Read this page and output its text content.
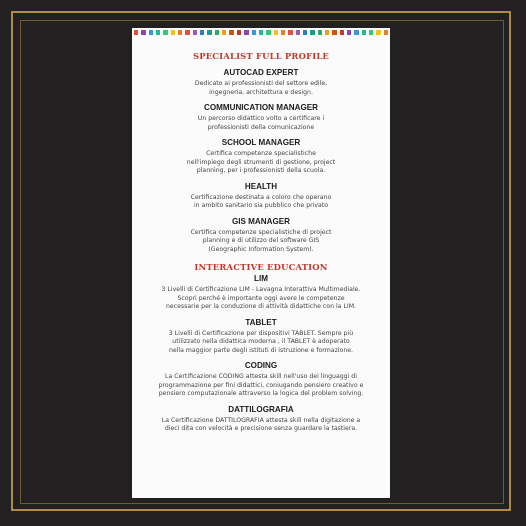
SPECIALIST FULL PROFILE
AUTOCAD EXPERT
Dedicato ai professionisti del settore edile,
ingegneria, architettura e design.
COMMUNICATION MANAGER
Un percorso didattico volto a certificare i
professionisti della comunicazione
SCHOOL MANAGER
Certifica competenze specialistiche
nell'impiego degli strumenti di gestione, project
planning, per i professionisti della scuola.
HEALTH
Certificazione destinata a coloro che operano
in ambito sanitario sia pubblico che privato
GIS MANAGER
Certifica competenze specialistiche di project
planning e di utilizzo del software GIS
(Geographic Information System).
INTERACTIVE EDUCATION
LIM
3 Livelli di Certificazione LIM - Lavagna Interattiva Multimediale.
Scopri perché è importante oggi avere le competenze
necessarie per la conduzione di attività didattiche con la LIM.
TABLET
3 Livelli di Certificazione per dispositivi TABLET. Sempre più
utilizzato nella didattica moderna , il TABLET è adoperato
nella maggior parte degli istituti di istruzione e formazione.
CODING
La Certificazione CODING attesta skill nell'uso dei linguaggi di
programmazione per fini didattici, coniugando pensiero creativo e
pensiero computazionale attraverso la logica del problem solving.
DATTILOGRAFIA
La Certificazione DATTILOGRAFIA attesta skill nella digitazione a
dieci dita con velocità e precisione senza guardare la tastiera.
